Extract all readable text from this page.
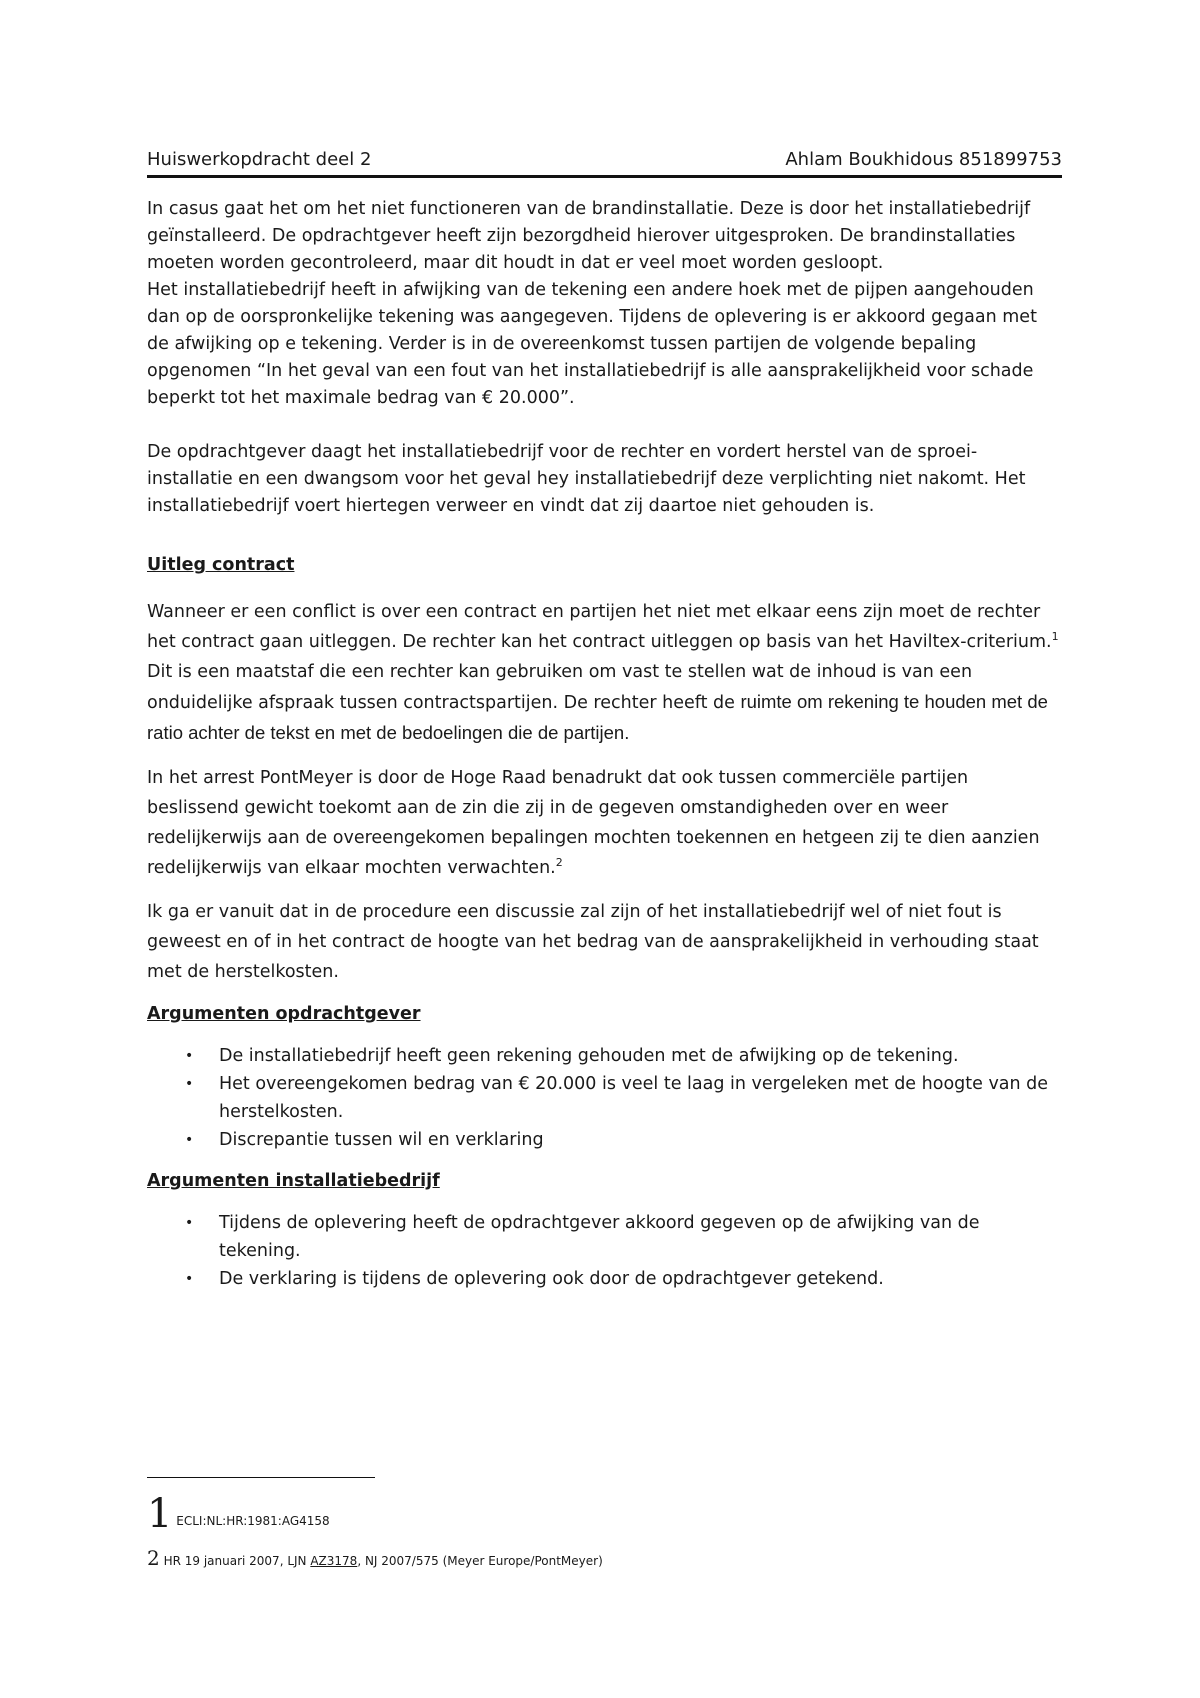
Huiswerkopdracht deel 2	Ahlam Boukhidous 851899753

In casus gaat het om het niet functioneren van de brandinstallatie. Deze is door het installatiebedrijf geïnstalleerd. De opdrachtgever heeft zijn bezorgdheid hierover uitgesproken. De brandinstallaties moeten worden gecontroleerd, maar dit houdt in dat er veel moet worden gesloopt.

Het installatiebedrijf heeft in afwijking van de tekening een andere hoek met de pijpen aangehouden dan op de oorspronkelijke tekening was aangegeven. Tijdens de oplevering is er akkoord gegaan met de afwijking op e tekening. Verder is in de overeenkomst tussen partijen de volgende bepaling opgenomen “In het geval van een fout van het installatiebedrijf is alle aansprakelijkheid voor schade beperkt tot het maximale bedrag van € 20.000”.

De opdrachtgever daagt het installatiebedrijf voor de rechter en vordert herstel van de sproei-installatie en een dwangsom voor het geval hey installatiebedrijf deze verplichting niet nakomt. Het installatiebedrijf voert hiertegen verweer en vindt dat zij daartoe niet gehouden is.

Uitleg contract

Wanneer er een conflict is over een contract en partijen het niet met elkaar eens zijn moet de rechter het contract gaan uitleggen. De rechter kan het contract uitleggen op basis van het Haviltex-criterium.$^1$ Dit is een maatstaf die een rechter kan gebruiken om vast te stellen wat de inhoud is van een onduidelijke afspraak tussen contractspartijen. De rechter heeft de ruimte om rekening te houden met de ratio achter de tekst en met de bedoelingen die de partijen.

In het arrest PontMeyer is door de Hoge Raad benadrukt dat ook tussen commerciële partijen beslissend gewicht toekomt aan de zin die zij in de gegeven omstandigheden over en weer redelijkerwijs aan de overeengekomen bepalingen mochten toekennen en hetgeen zij te dien aanzien redelijkerwijs van elkaar mochten verwachten.$^2$

Ik ga er vanuit dat in de procedure een discussie zal zijn of het installatiebedrijf wel of niet fout is geweest en of in het contract de hoogte van het bedrag van de aansprakelijkheid in verhouding staat met de herstelkosten.

Argumenten opdrachtgever

• De installatiebedrijf heeft geen rekening gehouden met de afwijking op de tekening.
• Het overeengekomen bedrag van € 20.000 is veel te laag in vergeleken met de hoogte van de herstelkosten.
• Discrepantie tussen wil en verklaring

Argumenten installatiebedrijf

• Tijdens de oplevering heeft de opdrachtgever akkoord gegeven op de afwijking van de tekening.
• De verklaring is tijdens de oplevering ook door de opdrachtgever getekend.
1 ECLI:NL:HR:1981:AG4158
2 HR 19 januari 2007, LJN AZ3178, NJ 2007/575 (Meyer Europe/PontMeyer)
